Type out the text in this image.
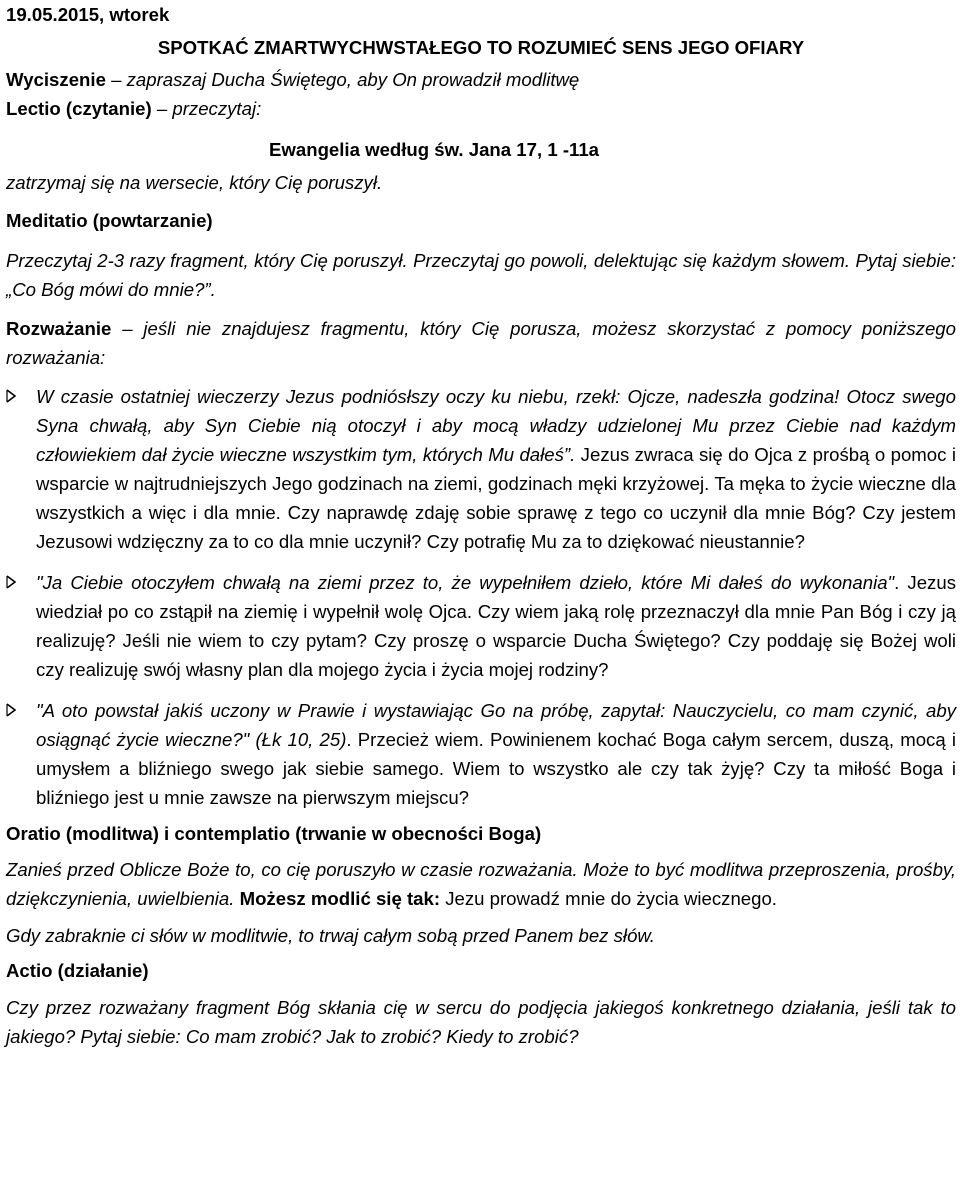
19.05.2015, wtorek
SPOTKAĆ ZMARTWYCHWSTAŁEGO TO ROZUMIEĆ SENS JEGO OFIARY
Wyciszenie – zapraszaj Ducha Świętego, aby On prowadził modlitwę
Lectio (czytanie) – przeczytaj:
Ewangelia według św. Jana 17, 1 -11a
zatrzymaj się na wersecie, który Cię poruszył.
Meditatio (powtarzanie)
Przeczytaj 2-3 razy fragment, który Cię poruszył. Przeczytaj go powoli, delektując się każdym słowem. Pytaj siebie: „Co Bóg mówi do mnie?”.
Rozważanie – jeśli nie znajdujesz fragmentu, który Cię porusza, możesz skorzystać z pomocy poniższego rozważania:
W czasie ostatniej wieczerzy Jezus podniósłszy oczy ku niebu, rzekł: Ojcze, nadeszła godzina! Otocz swego Syna chwałą, aby Syn Ciebie nią otoczył i aby mocą władzy udzielonej Mu przez Ciebie nad każdym człowiekiem dał życie wieczne wszystkim tym, których Mu dałeś”. Jezus zwraca się do Ojca z prośbą o pomoc i wsparcie w najtrudniejszych Jego godzinach na ziemi, godzinach męki krzyżowej. Ta męka to życie wieczne dla wszystkich a więc i dla mnie. Czy naprawdę zdaję sobie sprawę z tego co uczynił dla mnie Bóg? Czy jestem Jezusowi wdzięczny za to co dla mnie uczynił? Czy potrafię Mu za to dziękować nieustannie?
"Ja Ciebie otoczyłem chwałą na ziemi przez to, że wypełniłem dzieło, które Mi dałeś do wykonania". Jezus wiedział po co zstąpił na ziemię i wypełnił wolę Ojca. Czy wiem jaką rolę przeznaczył dla mnie Pan Bóg i czy ją realizuję? Jeśli nie wiem to czy pytam? Czy proszę o wsparcie Ducha Świętego? Czy poddaję się Bożej woli czy realizuję swój własny plan dla mojego życia i życia mojej rodziny?
"A oto powstał jakiś uczony w Prawie i wystawiając Go na próbę, zapytał: Nauczycielu, co mam czynić, aby osiągnąć życie wieczne?" (Łk 10, 25). Przecież wiem. Powinienem kochać Boga całym sercem, duszą, mocą i umysłem a bliźniego swego jak siebie samego. Wiem to wszystko ale czy tak żyję? Czy ta miłość Boga i bliźniego jest u mnie zawsze na pierwszym miejscu?
Oratio (modlitwa) i contemplatio (trwanie w obecności Boga)
Zanieś przed Oblicze Boże to, co cię poruszyło w czasie rozważania. Może to być modlitwa przeproszenia, prośby, dziękczynienia, uwielbienia. Możesz modlić się tak: Jezu prowadź mnie do życia wiecznego.
Gdy zabraknie ci słów w modlitwie, to trwaj całym sobą przed Panem bez słów.
Actio (działanie)
Czy przez rozważany fragment Bóg skłania cię w sercu do podjęcia jakiegoś konkretnego działania, jeśli tak to jakiego? Pytaj siebie: Co mam zrobić? Jak to zrobić? Kiedy to zrobić?
